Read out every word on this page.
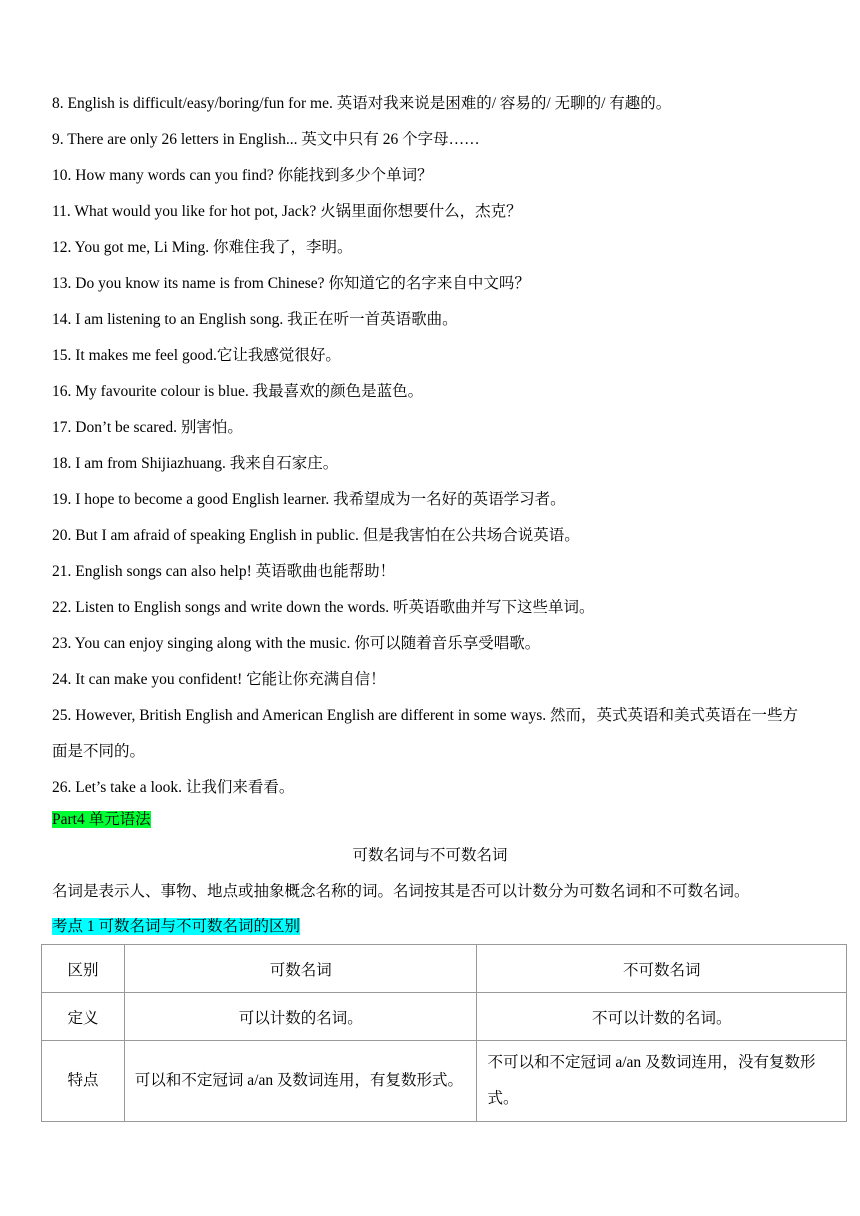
8. English is difficult/easy/boring/fun for me. 英语对我来说是困难的/ 容易的/ 无聊的/ 有趣的。
9. There are only 26 letters in English... 英文中只有 26 个字母……
10. How many words can you find? 你能找到多少个单词？
11. What would you like for hot pot, Jack? 火锅里面你想要什么，杰克？
12. You got me, Li Ming. 你难住我了，李明。
13. Do you know its name is from Chinese? 你知道它的名字来自中文吗？
14. I am listening to an English song. 我正在听一首英语歌曲。
15. It makes me feel good.它让我感觉很好。
16. My favourite colour is blue. 我最喜欢的颜色是蓝色。
17. Don’t be scared. 别害怕。
18. I am from Shijiazhuang. 我来自石家庄。
19. I hope to become a good English learner. 我希望成为一名好的英语学习者。
20. But I am afraid of speaking English in public. 但是我害怕在公共场合说英语。
21. English songs can also help! 英语歌曲也能帮助！
22. Listen to English songs and write down the words. 听英语歌曲并写下这些单词。
23. You can enjoy singing along with the music. 你可以随着音乐享受唱歌。
24. It can make you confident! 它能让你充满自信！
25. However, British English and American English are different in some ways. 然而，英式英语和美式英语在一些方面是不同的。
26. Let’s take a look. 让我们来看看。
Part4 单元语法
可数名词与不可数名词
名词是表示人、事物、地点或抽象概念名称的词。名词按其是否可以计数分为可数名词和不可数名词。
考点 1 可数名词与不可数名词的区别
区别	可数名词	不可数名词
定义	可以计数的名词。	不可以计数的名词。
特点	可以和不定冠词 a/an 及数词连用，有复数形式。	不可以和不定冠词 a/an 及数词连用，没有复数形式。
